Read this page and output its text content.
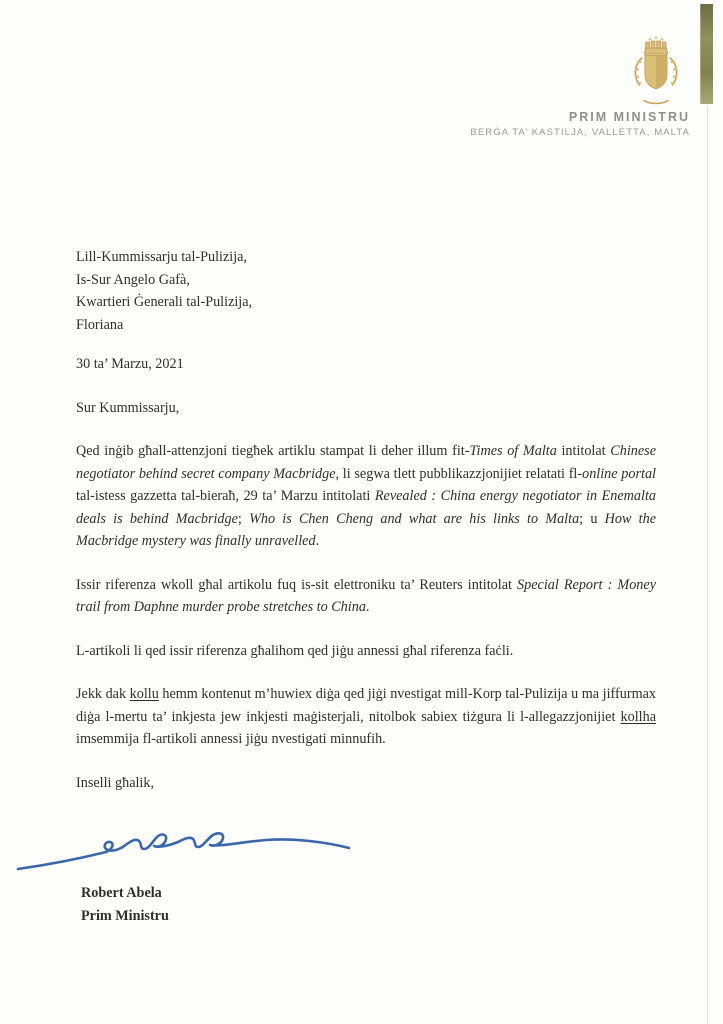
PRIM MINISTRU
BERĠA TA’ KASTILJA, VALLETTA, MALTA
Lill-Kummissarju tal-Pulizija,
Is-Sur Angelo Gafà,
Kwartieri Ġenerali tal-Pulizija,
Floriana
30 ta’ Marzu, 2021
Sur Kummissarju,

Qed inġib għall-attenzjoni tiegħek artiklu stampat li deher illum fit-Times of Malta intitolat Chinese negotiator behind secret company Macbridge, li segwa tlett pubblikazzjonijiet relatati fl-online portal tal-istess gazzetta tal-bieraħ, 29 ta’ Marzu intitolati Revealed : China energy negotiator in Enemalta deals is behind Macbridge; Who is Chen Cheng and what are his links to Malta; u How the Macbridge mystery was finally unravelled.

Issir riferenza wkoll għal artikolu fuq is-sit elettroniku ta’ Reuters intitolat Special Report : Money trail from Daphne murder probe stretches to China.

L-artikoli li qed issir riferenza għalihom qed jiġu annessi għal riferenza faċli.

Jekk dak kollu hemm kontenut m’huwiex diġa qed jiġi nvestigat mill-Korp tal-Pulizija u ma jiffurmax diġa l-mertu ta’ inkjesta jew inkjesti maġisterjali, nitolbok sabiex tiżgura li l-allegazzjonijiet kollha imsemmija fl-artikoli annessi jiġu nvestigati minnufih.

Inselli għalik,
Robert Abela
Prim Ministru
